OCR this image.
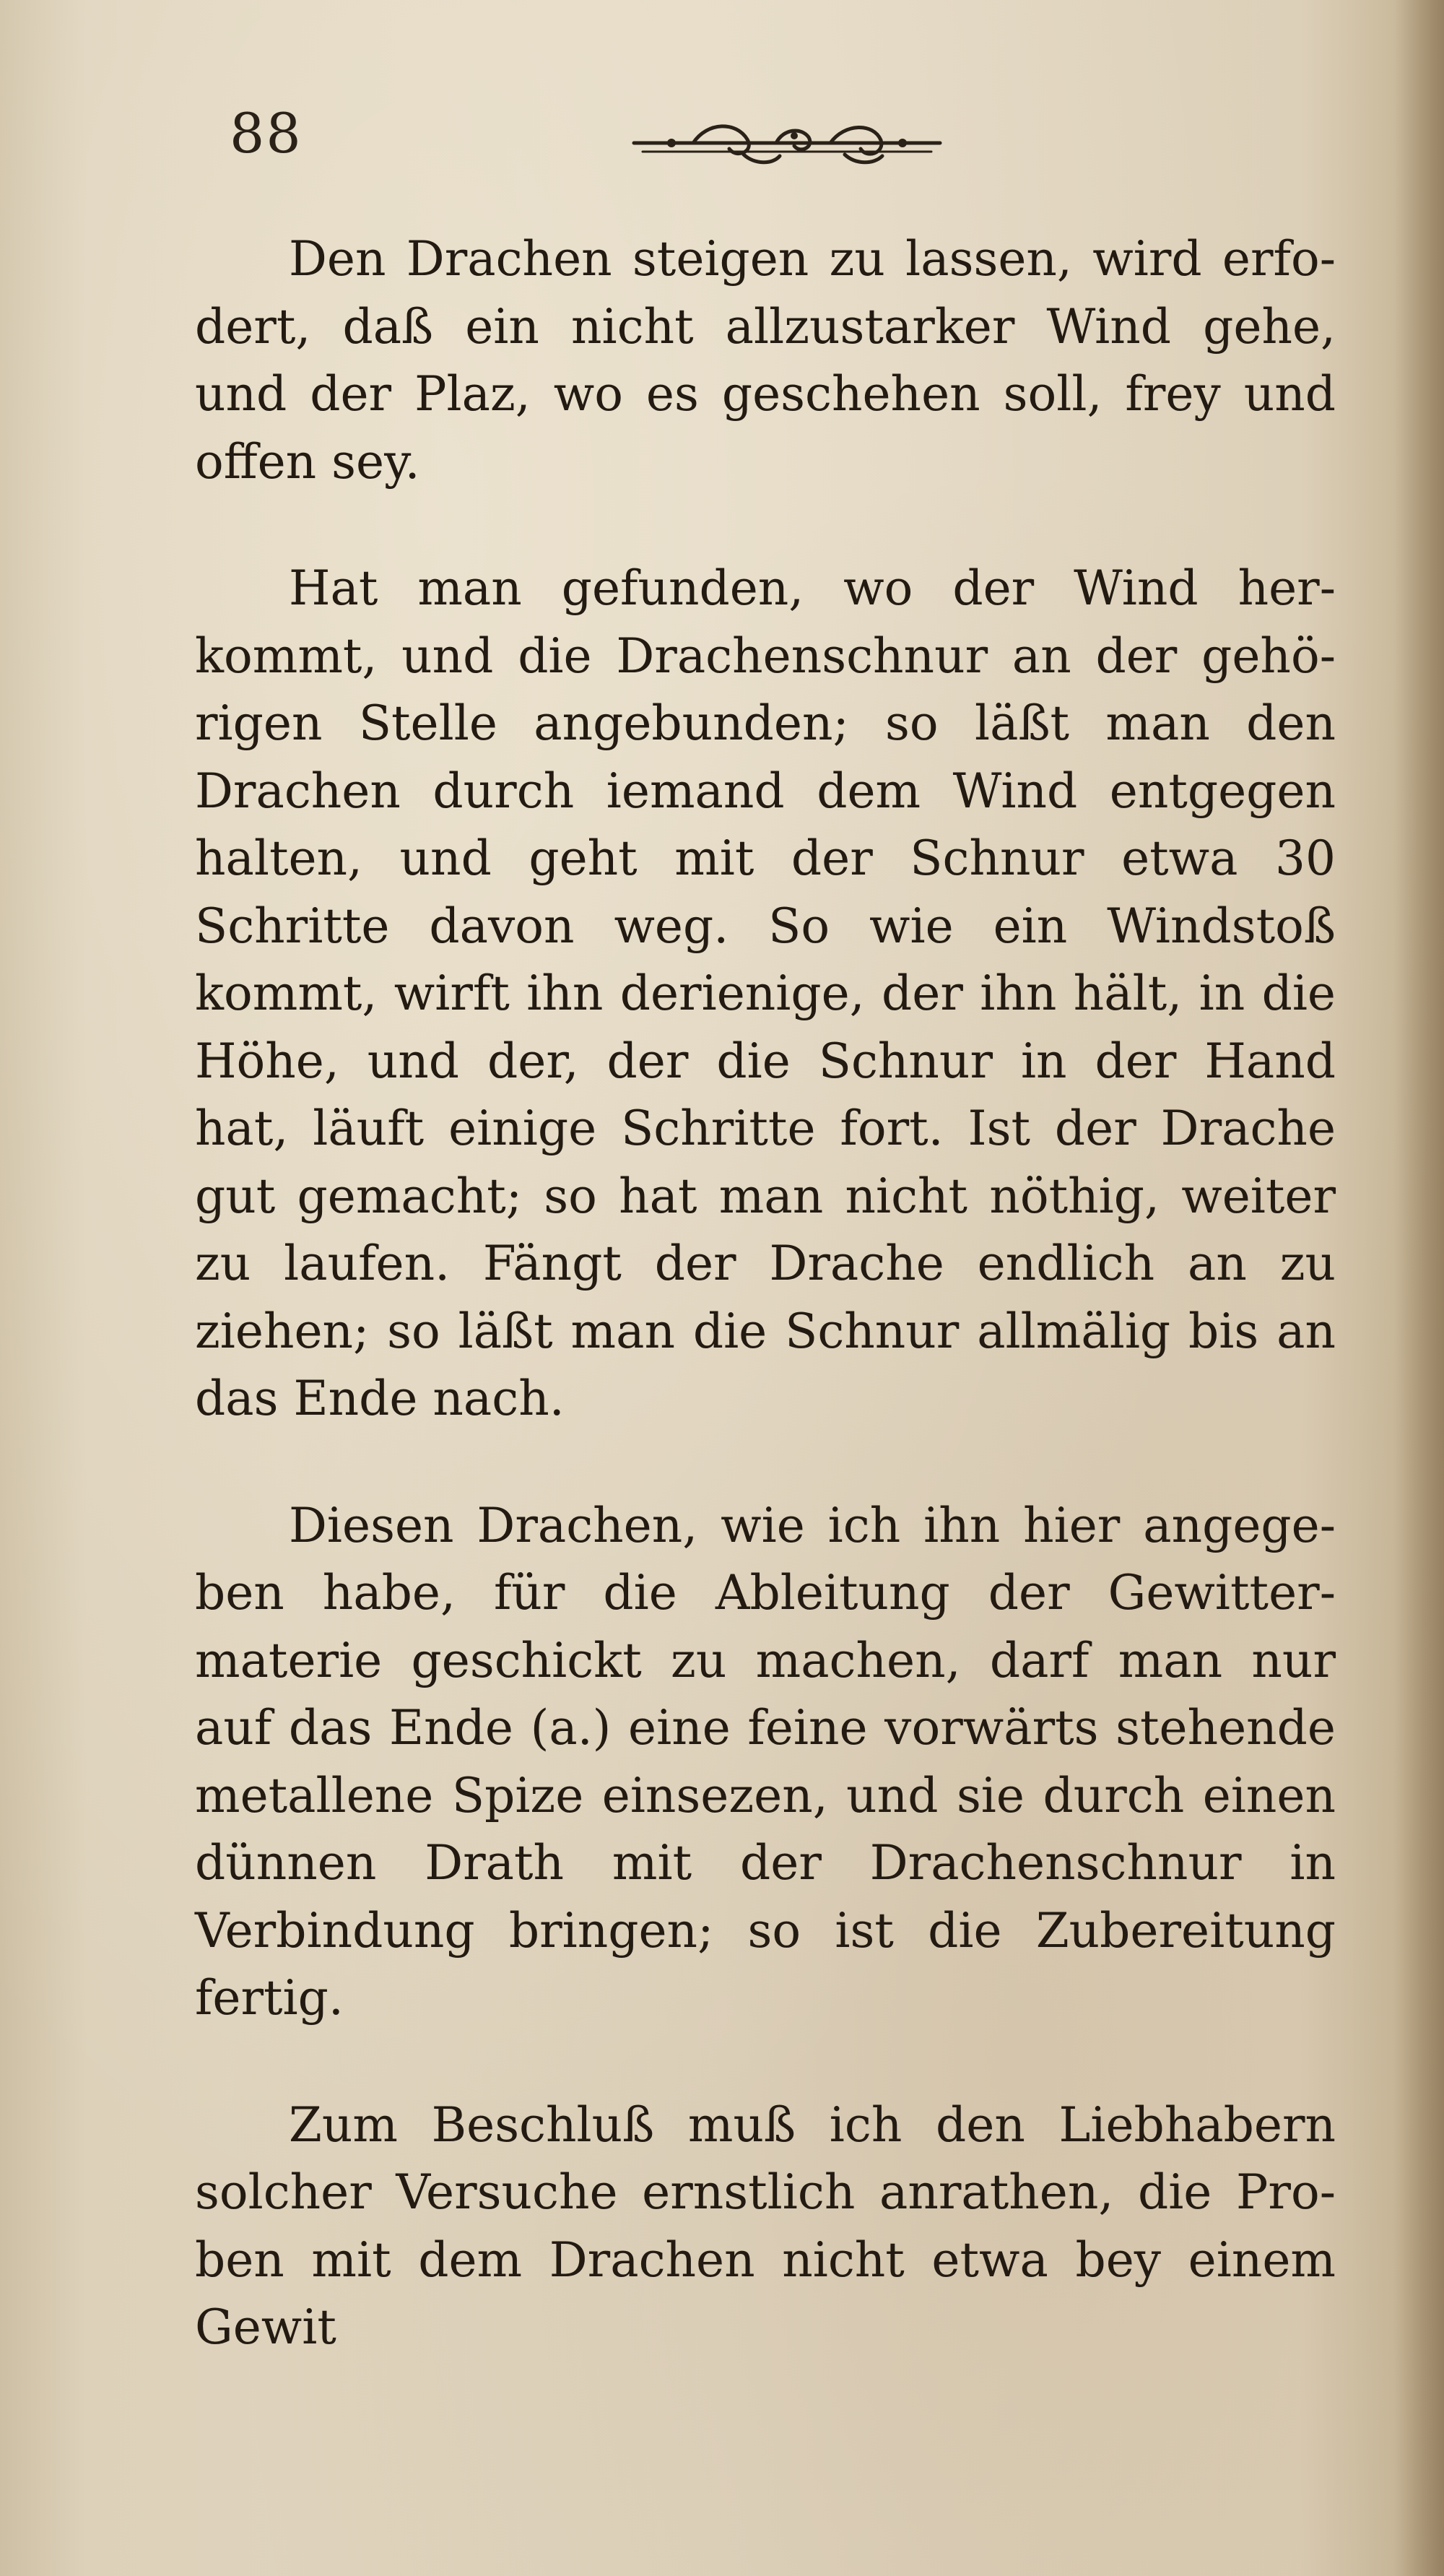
88

Den Drachen steigen zu lassen, wird erfodert, daß ein nicht allzustarker Wind gehe, und der Plaz, wo es geschehen soll, frey und offen sey.

Hat man gefunden, wo der Wind herkommt, und die Drachenschnur an der gehörigen Stelle angebunden; so läßt man den Drachen durch iemand dem Wind entgegen halten, und geht mit der Schnur etwa 30 Schritte davon weg. So wie ein Windstoß kommt, wirft ihn derienige, der ihn hält, in die Höhe, und der, der die Schnur in der Hand hat, läuft einige Schritte fort. Ist der Drache gut gemacht; so hat man nicht nöthig, weiter zu laufen. Fängt der Drache endlich an zu ziehen; so läßt man die Schnur allmälig bis an das Ende nach.

Diesen Drachen, wie ich ihn hier angegeben habe, für die Ableitung der Gewittermaterie geschickt zu machen, darf man nur auf das Ende (a.) eine feine vorwärts stehende metallene Spize einsezen, und sie durch einen dünnen Drath mit der Drachenschnur in Verbindung bringen; so ist die Zubereitung fertig.

Zum Beschluß muß ich den Liebhabern solcher Versuche ernstlich anrathen, die Proben mit dem Drachen nicht etwa bey einem Gewit
